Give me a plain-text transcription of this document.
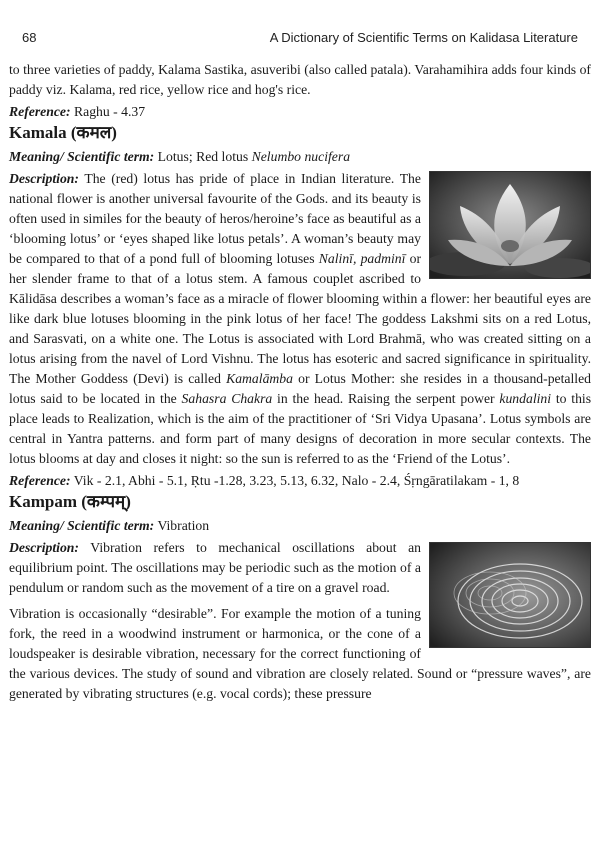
68	A Dictionary of Scientific Terms on Kalidasa Literature

to three varieties of paddy, Kalama Sastika, asuveribi (also called patala). Varahamihira adds four kinds of paddy viz. Kalama, red rice, yellow rice and hog's rice.

Reference: Raghu - 4.37

Kamala (कमल)

Meaning/ Scientific term: Lotus; Red lotus Nelumbo nucifera

Description: The (red) lotus has pride of place in Indian literature. The national flower is another universal favourite of the Gods. and its beauty is often used in similes for the beauty of heros/heroine’s face as beautiful as a ‘blooming lotus’ or ‘eyes shaped like lotus petals’. A woman’s beauty may be compared to that of a pond full of blooming lotuses Nalinī, padminī or her slender frame to that of a lotus stem. A famous couplet ascribed to Kālidāsa describes a woman’s face as a miracle of flower blooming within a flower: her beautiful eyes are like dark blue lotuses blooming in the pink lotus of her face! The goddess Lakshmi sits on a red Lotus, and Sarasvati, on a white one. The Lotus is associated with Lord Brahmā, who was created sitting on a lotus arising from the navel of Lord Vishnu. The lotus has esoteric and sacred significance in spirituality. The Mother Goddess (Devi) is called Kamalāmba or Lotus Mother: she resides in a thousand-petalled lotus said to be located in the Sahasra Chakra in the head. Raising the serpent power kundalini to this place leads to Realization, which is the aim of the practitioner of ‘Sri Vidya Upasana’. Lotus symbols are central in Yantra patterns. and form part of many designs of decoration in more secular contexts. The lotus blooms at day and closes it night: so the sun is referred to as the ‘Friend of the Lotus’.

Reference: Vik - 2.1, Abhi - 5.1, Ṛtu -1.28, 3.23, 5.13, 6.32, Nalo - 2.4, Śṛngāratilakam - 1, 8

Kampam (कम्पम्)

Meaning/ Scientific term: Vibration

Description: Vibration refers to mechanical oscillations about an equilibrium point. The oscillations may be periodic such as the motion of a pendulum or random such as the movement of a tire on a gravel road.

Vibration is occasionally “desirable”. For example the motion of a tuning fork, the reed in a woodwind instrument or harmonica, or the cone of a loudspeaker is desirable vibration, necessary for the correct functioning of the various devices. The study of sound and vibration are closely related. Sound or “pressure waves”, are generated by vibrating structures (e.g. vocal cords); these pressure
